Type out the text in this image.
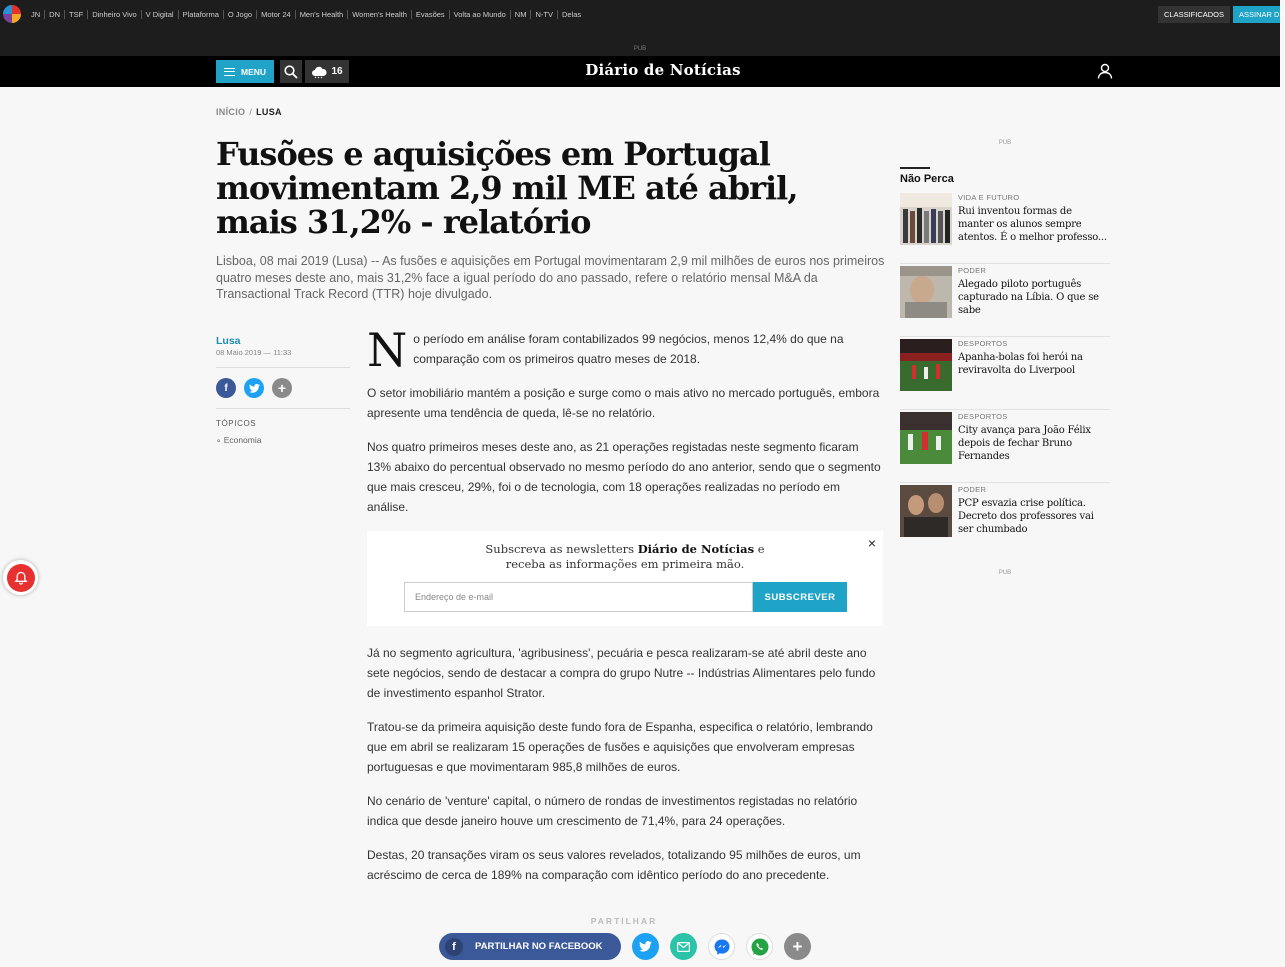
JN	DN	TSF	Dinheiro Vivo	V Digital	Plataforma	O Jogo	Motor 24	Men's Health	Women's Health	Evasões	Volta ao Mundo	NM	N-TV	Delas	CLASSIFICADOS	ASSINAR DN
PUB
MENU	16	Diário de Notícias
INÍCIO / LUSA
Fusões e aquisições em Portugal movimentam 2,9 mil ME até abril, mais 31,2% - relatório
Lisboa, 08 mai 2019 (Lusa) -- As fusões e aquisições em Portugal movimentaram 2,9 mil milhões de euros nos primeiros quatro meses deste ano, mais 31,2% face a igual período do ano passado, refere o relatório mensal M&A da Transactional Track Record (TTR) hoje divulgado.
Lusa
08 Maio 2019 — 11:33
f	+
TÓPICOS
∘ Economia

No período em análise foram contabilizados 99 negócios, menos 12,4% do que na comparação com os primeiros quatro meses de 2018.

O setor imobiliário mantém a posição e surge como o mais ativo no mercado português, embora apresente uma tendência de queda, lê-se no relatório.

Nos quatro primeiros meses deste ano, as 21 operações registadas neste segmento ficaram 13% abaixo do percentual observado no mesmo período do ano anterior, sendo que o segmento que mais cresceu, 29%, foi o de tecnologia, com 18 operações realizadas no período em análise.

×
Subscreva as newsletters Diário de Notícias e
receba as informações em primeira mão.
Endereço de e-mail
SUBSCREVER

Já no segmento agricultura, 'agribusiness', pecuária e pesca realizaram-se até abril deste ano sete negócios, sendo de destacar a compra do grupo Nutre -- Indústrias Alimentares pelo fundo de investimento espanhol Strator.

Tratou-se da primeira aquisição deste fundo fora de Espanha, especifica o relatório, lembrando que em abril se realizaram 15 operações de fusões e aquisições que envolveram empresas portuguesas e que movimentaram 985,8 milhões de euros.

No cenário de 'venture' capital, o número de rondas de investimentos registadas no relatório indica que desde janeiro houve um crescimento de 71,4%, para 24 operações.

Destas, 20 transações viram os seus valores revelados, totalizando 95 milhões de euros, um acréscimo de cerca de 189% na comparação com idêntico período do ano precedente.

PUB
Não Perca
VIDA E FUTURO
Rui inventou formas de manter os alunos sempre atentos. É o melhor professo...
PODER
Alegado piloto português capturado na Líbia. O que se sabe
DESPORTOS
Apanha-bolas foi herói na reviravolta do Liverpool
DESPORTOS
City avança para João Félix depois de fechar Bruno Fernandes
PODER
PCP esvazia crise política. Decreto dos professores vai ser chumbado
PUB
PARTILHAR
f	PARTILHAR NO FACEBOOK	+
